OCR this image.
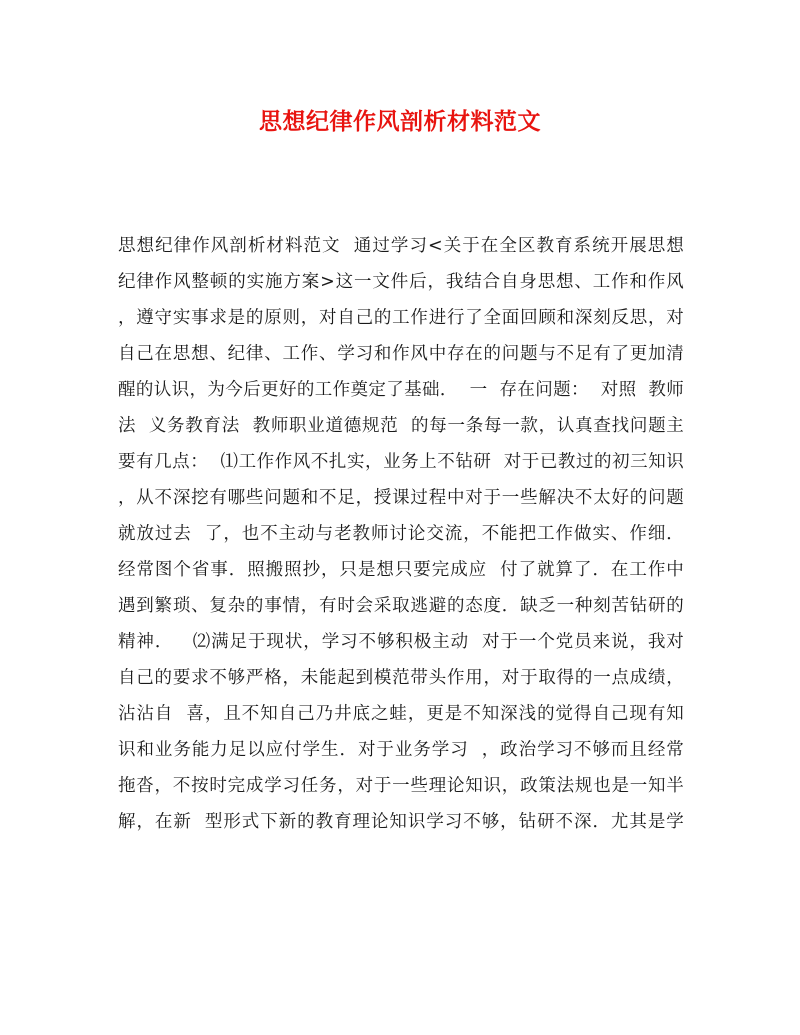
思想纪律作风剖析材料范文
思想纪律作风剖析材料范文  通过学习<关于在全区教育系统开展思想
纪律作风整顿的实施方案>这一文件后，我结合自身思想、工作和作风
，遵守实事求是的原则，对自己的工作进行了全面回顾和深刻反思，对
自己在思想、纪律、工作、学习和作风中存在的问题与不足有了更加清
醒的认识，为今后更好的工作奠定了基础．  一  存在问题：  对照  教师
法  义务教育法  教师职业道德规范  的每一条每一款，认真查找问题主
要有几点：  ⑴工作作风不扎实，业务上不钻研  对于已教过的初三知识
，从不深挖有哪些问题和不足，授课过程中对于一些解决不太好的问题
就放过去  了，也不主动与老教师讨论交流，不能把工作做实、作细．
经常图个省事．照搬照抄，只是想只要完成应  付了就算了．在工作中
遇到繁琐、复杂的事情，有时会采取逃避的态度．缺乏一种刻苦钻研的
精神．   ⑵满足于现状，学习不够积极主动  对于一个党员来说，我对
自己的要求不够严格，未能起到模范带头作用，对于取得的一点成绩，
沾沾自  喜，且不知自己乃井底之蛙，更是不知深浅的觉得自己现有知
识和业务能力足以应付学生．对于业务学习  ，政治学习不够而且经常
拖沓，不按时完成学习任务，对于一些理论知识，政策法规也是一知半
解，在新  型形式下新的教育理论知识学习不够，钻研不深．尤其是学
